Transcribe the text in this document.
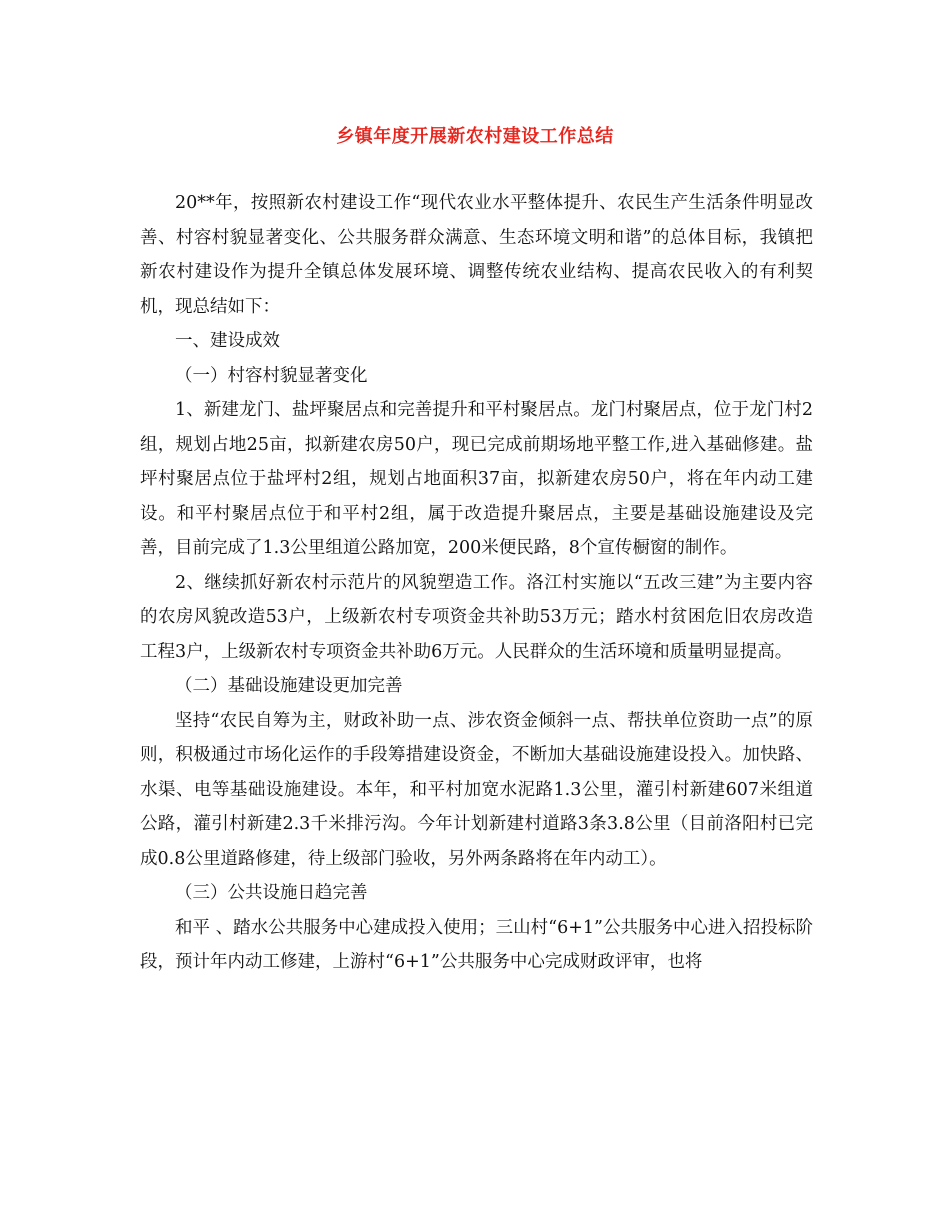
乡镇年度开展新农村建设工作总结

20**年，按照新农村建设工作“现代农业水平整体提升、农民生产生活条件明显改善、村容村貌显著变化、公共服务群众满意、生态环境文明和谐”的总体目标，我镇把新农村建设作为提升全镇总体发展环境、调整传统农业结构、提高农民收入的有利契机，现总结如下：

一、建设成效

（一）村容村貌显著变化

1、新建龙门、盐坪聚居点和完善提升和平村聚居点。龙门村聚居点，位于龙门村2组，规划占地25亩，拟新建农房50户，现已完成前期场地平整工作,进入基础修建。盐坪村聚居点位于盐坪村2组，规划占地面积37亩，拟新建农房50户，将在年内动工建设。和平村聚居点位于和平村2组，属于改造提升聚居点，主要是基础设施建设及完善，目前完成了1.3公里组道公路加宽，200米便民路，8个宣传橱窗的制作。

2、继续抓好新农村示范片的风貌塑造工作。洛江村实施以“五改三建”为主要内容的农房风貌改造53户，上级新农村专项资金共补助53万元；踏水村贫困危旧农房改造工程3户，上级新农村专项资金共补助6万元。人民群众的生活环境和质量明显提高。

（二）基础设施建设更加完善

坚持“农民自筹为主，财政补助一点、涉农资金倾斜一点、帮扶单位资助一点”的原则，积极通过市场化运作的手段筹措建设资金，不断加大基础设施建设投入。加快路、水渠、电等基础设施建设。本年，和平村加宽水泥路1.3公里，灌引村新建607米组道公路，灌引村新建2.3千米排污沟。今年计划新建村道路3条3.8公里（目前洛阳村已完成0.8公里道路修建，待上级部门验收，另外两条路将在年内动工）。

（三）公共设施日趋完善

和平 、踏水公共服务中心建成投入使用；三山村“6+1”公共服务中心进入招投标阶段，预计年内动工修建，上游村“6+1”公共服务中心完成财政评审，也将
